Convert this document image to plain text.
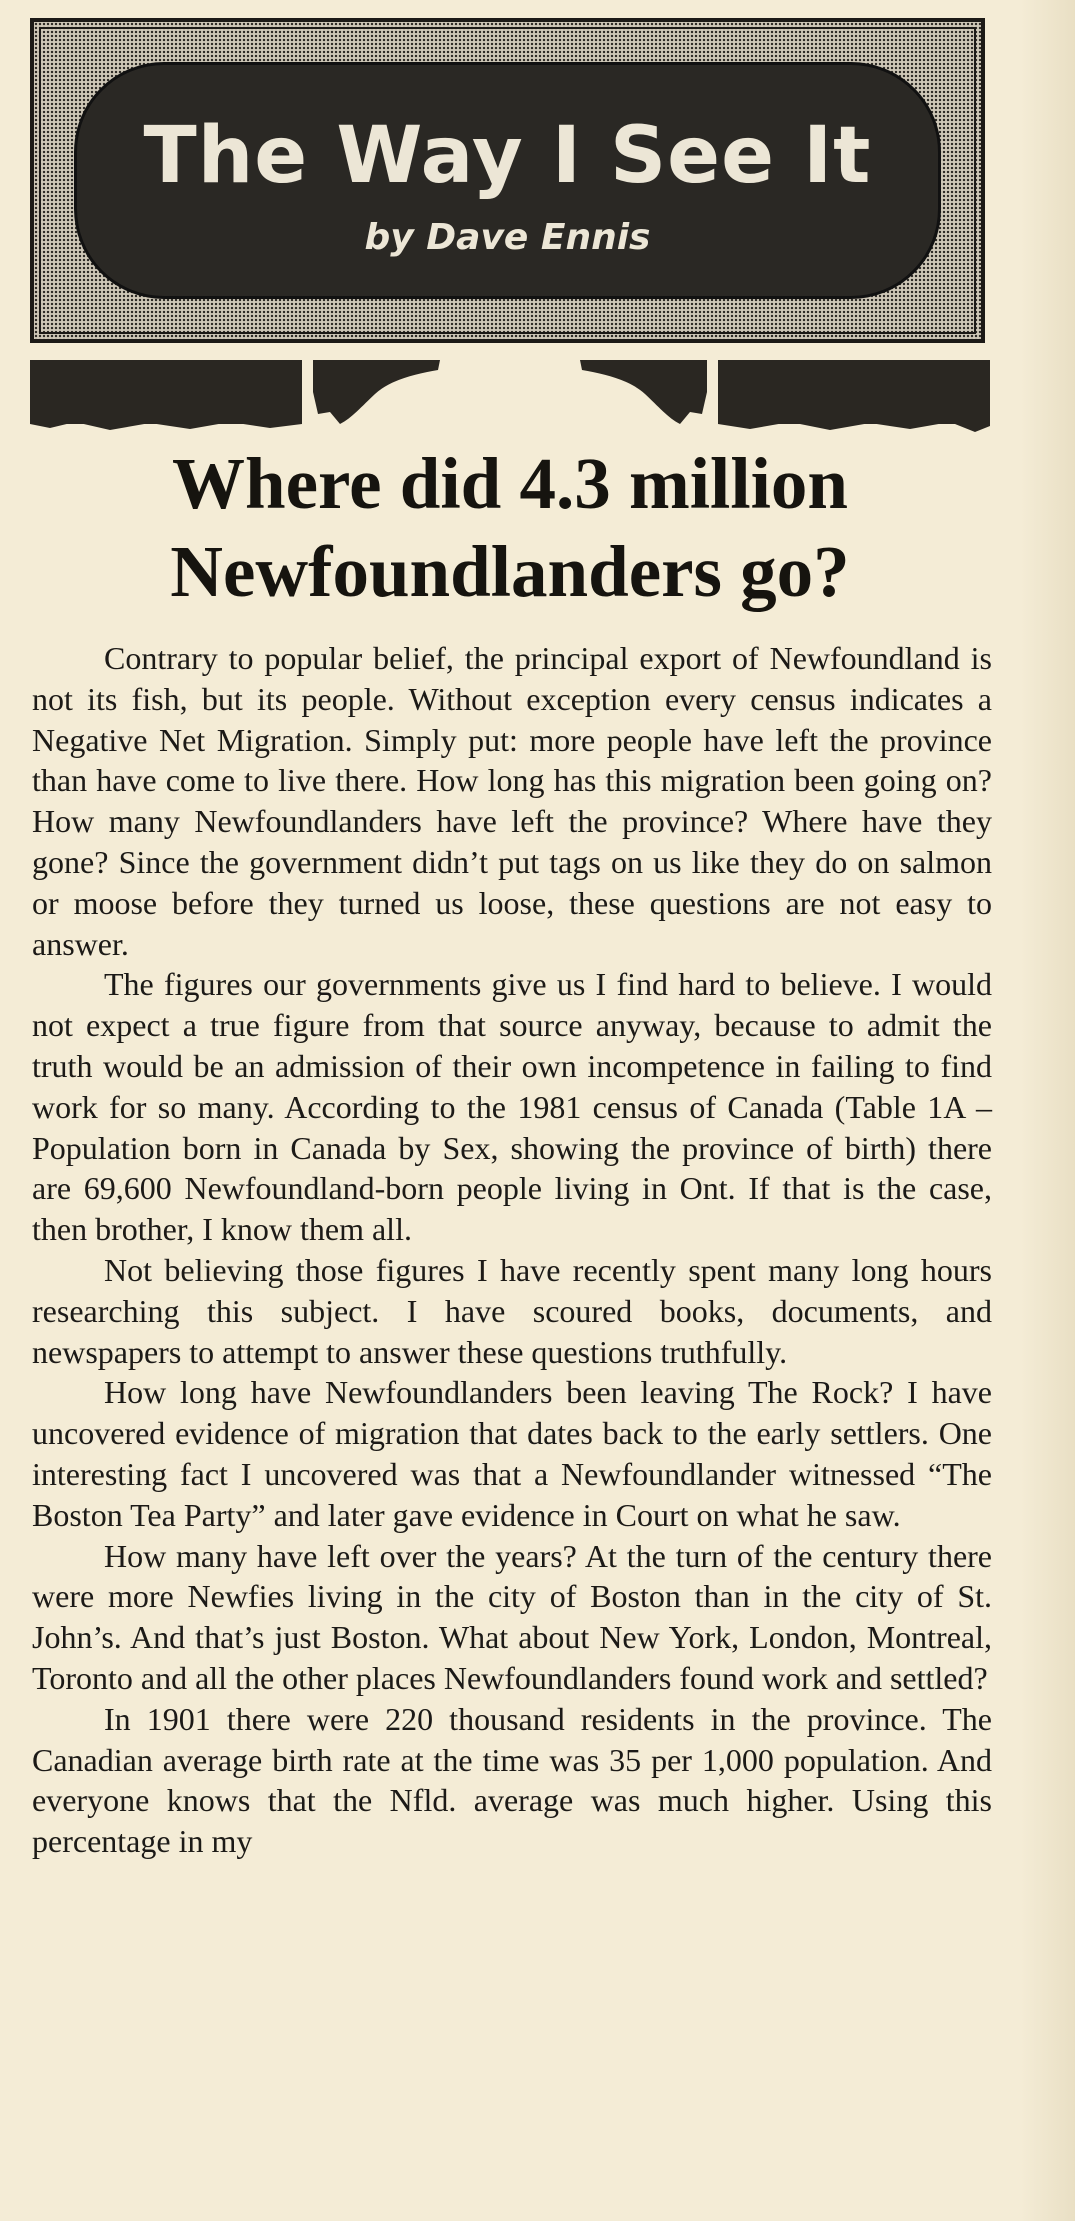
The Way I See It

by Dave Ennis

Where did 4.3 million
Newfoundlanders go?

Contrary to popular belief, the principal export of Newfoundland is not its fish, but its people. Without exception every census indicates a Negative Net Migration. Simply put: more people have left the province than have come to live there. How long has this migration been going on? How many Newfoundlanders have left the province? Where have they gone? Since the government didn’t put tags on us like they do on salmon or moose before they turned us loose, these questions are not easy to answer.

The figures our governments give us I find hard to believe. I would not expect a true figure from that source anyway, because to admit the truth would be an admission of their own incompetence in failing to find work for so many. According to the 1981 census of Canada (Table 1A – Population born in Canada by Sex, showing the province of birth) there are 69,600 Newfoundland-born people living in Ont. If that is the case, then brother, I know them all.

Not believing those figures I have recently spent many long hours researching this subject. I have scoured books, documents, and newspapers to attempt to answer these questions truthfully.

How long have Newfoundlanders been leaving The Rock? I have uncovered evidence of migration that dates back to the early settlers. One interesting fact I uncovered was that a Newfoundlander witnessed “The Boston Tea Party” and later gave evidence in Court on what he saw.

How many have left over the years? At the turn of the century there were more Newfies living in the city of Boston than in the city of St. John’s. And that’s just Boston. What about New York, London, Montreal, Toronto and all the other places Newfoundlanders found work and settled?

In 1901 there were 220 thousand residents in the province. The Canadian average birth rate at the time was 35 per 1,000 population. And everyone knows that the Nfld. average was much higher. Using this percentage in my
